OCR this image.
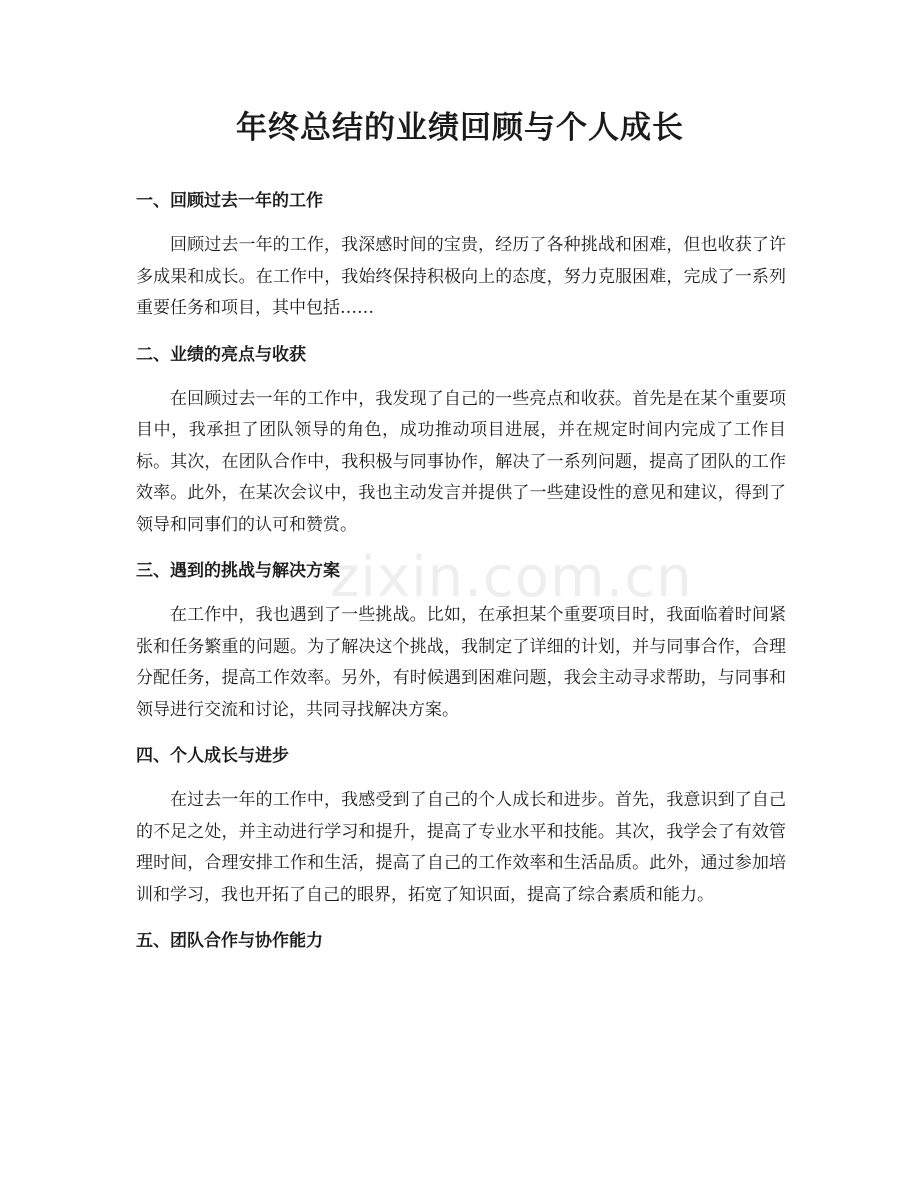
年终总结的业绩回顾与个人成长
一、回顾过去一年的工作

回顾过去一年的工作，我深感时间的宝贵，经历了各种挑战和困难，但也收获了许多成果和成长。在工作中，我始终保持积极向上的态度，努力克服困难，完成了一系列重要任务和项目，其中包括……

二、业绩的亮点与收获

在回顾过去一年的工作中，我发现了自己的一些亮点和收获。首先是在某个重要项目中，我承担了团队领导的角色，成功推动项目进展，并在规定时间内完成了工作目标。其次，在团队合作中，我积极与同事协作，解决了一系列问题，提高了团队的工作效率。此外，在某次会议中，我也主动发言并提供了一些建设性的意见和建议，得到了领导和同事们的认可和赞赏。

三、遇到的挑战与解决方案

在工作中，我也遇到了一些挑战。比如，在承担某个重要项目时，我面临着时间紧张和任务繁重的问题。为了解决这个挑战，我制定了详细的计划，并与同事合作，合理分配任务，提高工作效率。另外，有时候遇到困难问题，我会主动寻求帮助，与同事和领导进行交流和讨论，共同寻找解决方案。

四、个人成长与进步

在过去一年的工作中，我感受到了自己的个人成长和进步。首先，我意识到了自己的不足之处，并主动进行学习和提升，提高了专业水平和技能。其次，我学会了有效管理时间，合理安排工作和生活，提高了自己的工作效率和生活品质。此外，通过参加培训和学习，我也开拓了自己的眼界，拓宽了知识面，提高了综合素质和能力。

五、团队合作与协作能力
zixin.com.cn
